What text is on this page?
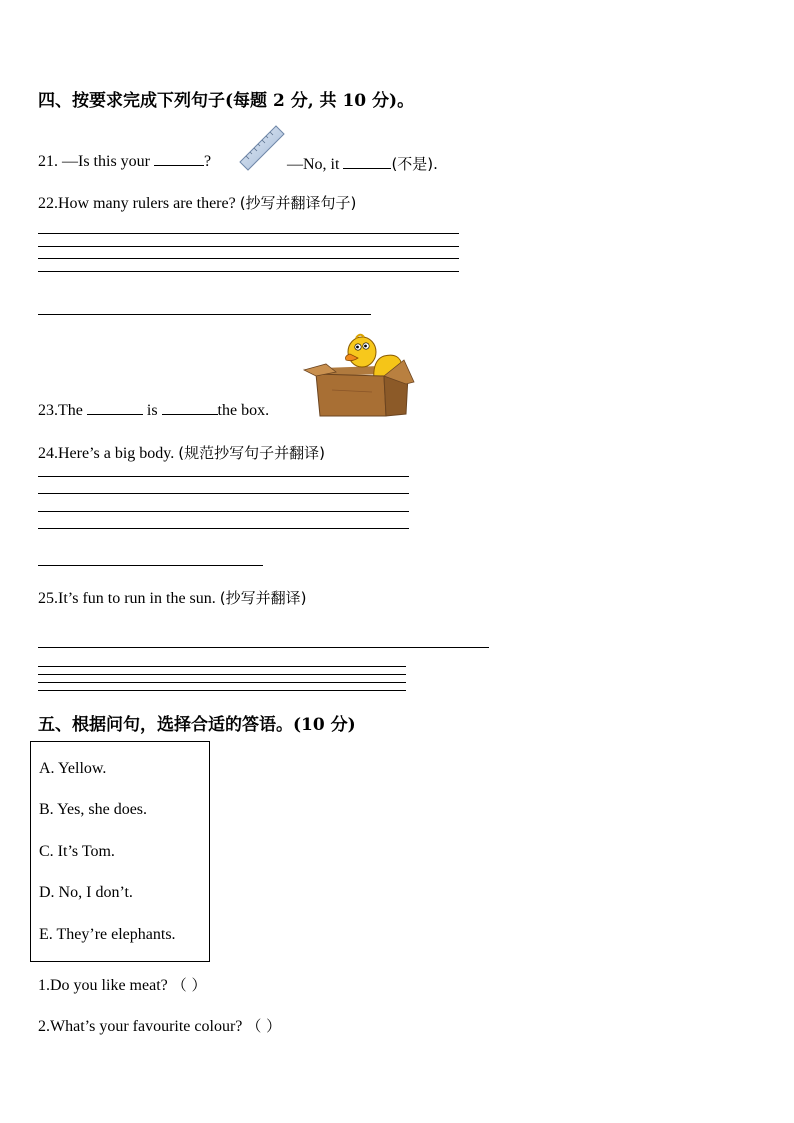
四、按要求完成下列句子(每题 2 分, 共 10 分)。
21. —Is this your	?	—No, it	(不是).
22.How many rulers are there? (抄写并翻译句子)
23.The	is	the box.
24.Here’s a big body. (规范抄写句子并翻译)
25.It’s fun to run in the sun. (抄写并翻译)
五、根据问句，选择合适的答语。(10 分)
A. Yellow.
B. Yes, she does.
C. It’s Tom.
D. No, I don’t.
E. They’re elephants.
1.Do you like meat? （ ）
2.What’s your favourite colour? （ ）
